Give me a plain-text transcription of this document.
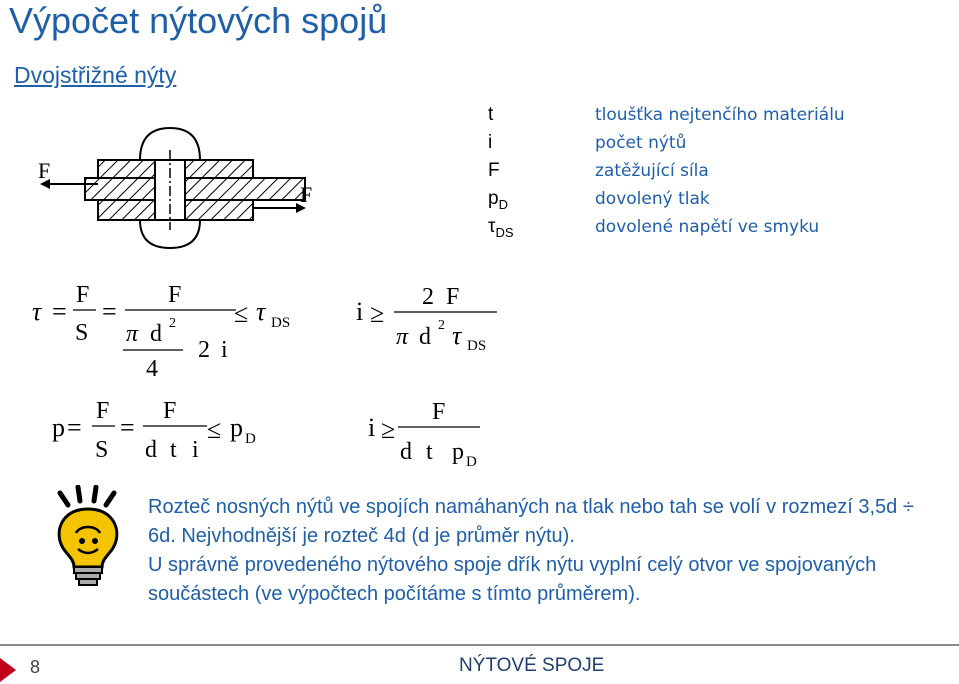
Výpočet nýtových spojů
Dvojstřižné nýty
F
F
t	tloušťka nejtenčího materiálu
i	počet nýtů
F	zatěžující síla
$p_D$	dovolený tlak
$\tau_{DS}$	dovolené napětí ve smyku
τ =
F
S
=
F
π d 2
4
2 i
≤ τ DS	i ≥
2 F
π d 2 τ DS
p =
F
S
=
F
d t i
≤ p D	i ≥
F
d t p D

Rozteč nosných nýtů ve spojích namáhaných na tlak nebo tah se volí v rozmezí 3,5d ÷ 6d. Nejvhodnější je rozteč 4d (d je průměr nýtu).

U správně provedeného nýtového spoje dřík nýtu vyplní celý otvor ve spojovaných součástech (ve výpočtech počítáme s tímto průměrem).

8	NÝTOVÉ SPOJE
